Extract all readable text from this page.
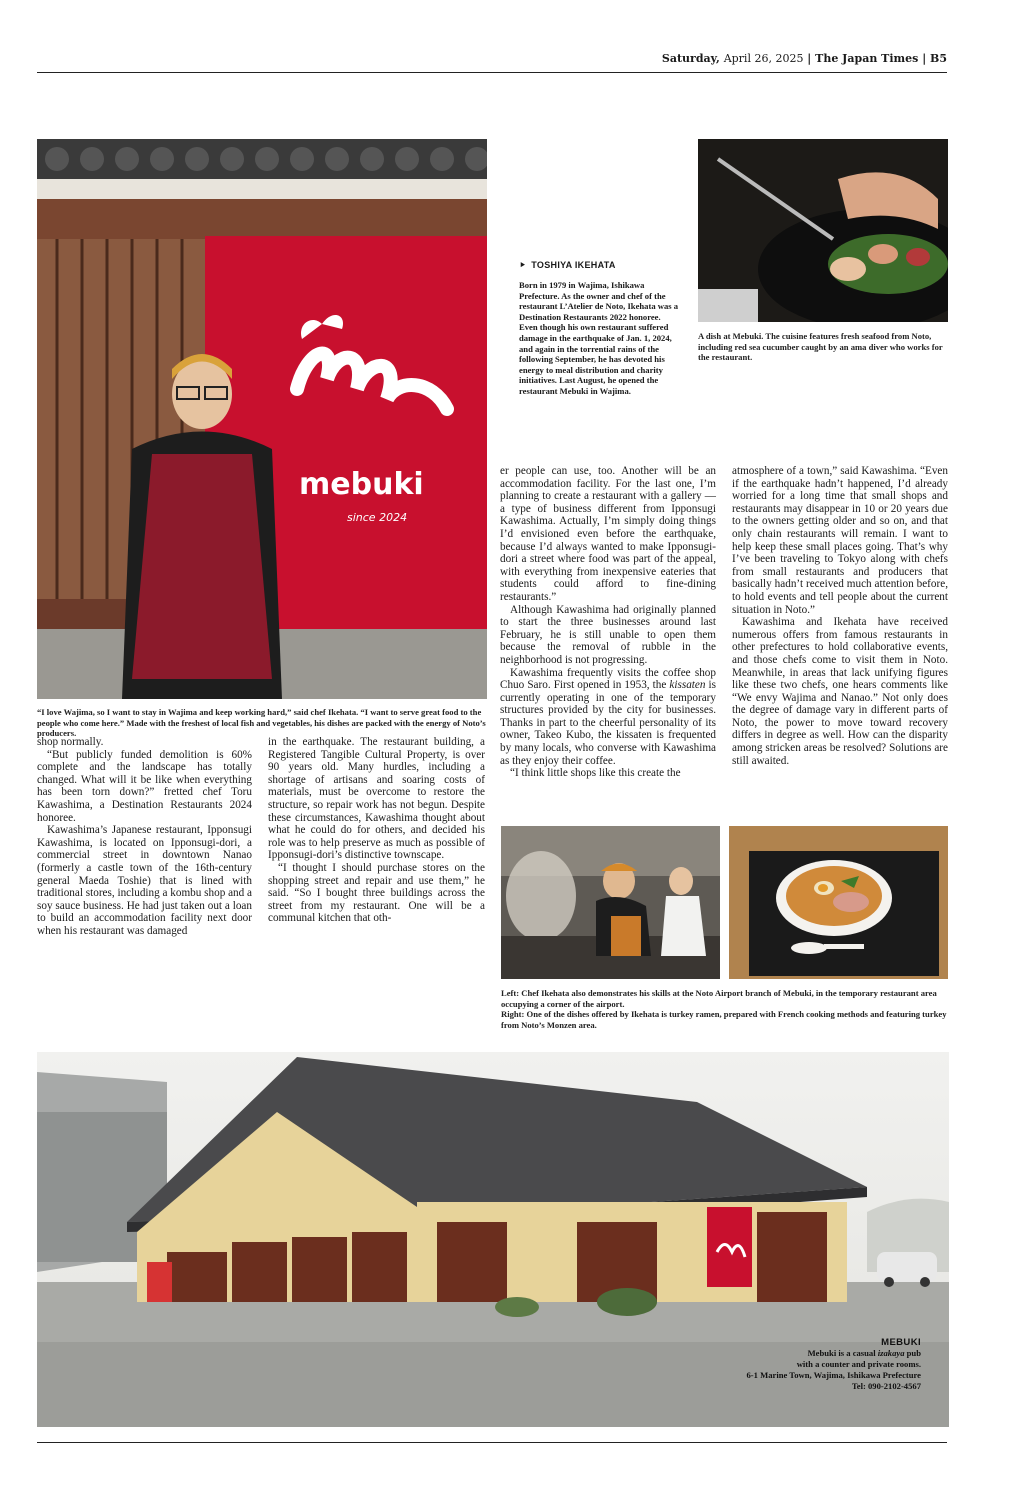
Saturday, April 26, 2025 | The Japan Times | B5
mebuki
since 2024
“I love Wajima, so I want to stay in Wajima and keep working hard,” said chef Ikehata. “I want to serve great food to the people who come here.” Made with the freshest of local fish and vegetables, his dishes are packed with the energy of Noto’s producers.
⯈ TOSHIYA IKEHATA
Born in 1979 in Wajima, Ishikawa Prefecture. As the owner and chef of the restaurant L’Atelier de Noto, Ikehata was a Destination Restaurants 2022 honoree. Even though his own restaurant suffered damage in the earthquake of Jan. 1, 2024, and again in the torrential rains of the following September, he has devoted his energy to meal distribution and charity initiatives. Last August, he opened the restaurant Mebuki in Wajima.
A dish at Mebuki. The cuisine features fresh seafood from Noto, including red sea cucumber caught by an ama diver who works for the restaurant.

shop normally.

“But publicly funded demolition is 60% complete and the landscape has totally changed. What will it be like when everything has been torn down?” fretted chef Toru Kawashima, a Destination Restaurants 2024 honoree.

Kawashima’s Japanese restaurant, Ipponsugi Kawashima, is located on Ipponsugi-dori, a commercial street in downtown Nanao (formerly a castle town of the 16th-century general Maeda Toshie) that is lined with traditional stores, including a kombu shop and a soy sauce business. He had just taken out a loan to build an accommodation facility next door when his restaurant was damaged

in the earthquake. The restaurant building, a Registered Tangible Cultural Property, is over 90 years old. Many hurdles, including a shortage of artisans and soaring costs of materials, must be overcome to restore the structure, so repair work has not begun. Despite these circumstances, Kawashima thought about what he could do for others, and decided his role was to help preserve as much as possible of Ipponsugi-dori’s distinctive townscape.

“I thought I should purchase stores on the shopping street and repair and use them,” he said. “So I bought three buildings across the street from my restaurant. One will be a communal kitchen that oth-

er people can use, too. Another will be an accommodation facility. For the last one, I’m planning to create a restaurant with a gallery — a type of business different from Ipponsugi Kawashima. Actually, I’m simply doing things I’d envisioned even before the earthquake, because I’d always wanted to make Ipponsugi-dori a street where food was part of the appeal, with everything from inexpensive eateries that students could afford to fine-dining restaurants.”

Although Kawashima had originally planned to start the three businesses around last February, he is still unable to open them because the removal of rubble in the neighborhood is not progressing.

Kawashima frequently visits the coffee shop Chuo Saro. First opened in 1953, the kissaten is currently operating in one of the temporary structures provided by the city for businesses. Thanks in part to the cheerful personality of its owner, Takeo Kubo, the kissaten is frequented by many locals, who converse with Kawashima as they enjoy their coffee.

“I think little shops like this create the

atmosphere of a town,” said Kawashima. “Even if the earthquake hadn’t happened, I’d already worried for a long time that small shops and restaurants may disappear in 10 or 20 years due to the owners getting older and so on, and that only chain restaurants will remain. I want to help keep these small places going. That’s why I’ve been traveling to Tokyo along with chefs from small restaurants and producers that basically hadn’t received much attention before, to hold events and tell people about the current situation in Noto.”

Kawashima and Ikehata have received numerous offers from famous restaurants in other prefectures to hold collaborative events, and those chefs come to visit them in Noto. Meanwhile, in areas that lack unifying figures like these two chefs, one hears comments like “We envy Wajima and Nanao.” Not only does the degree of damage vary in different parts of Noto, the power to move toward recovery differs in degree as well. How can the disparity among stricken areas be resolved? Solutions are still awaited.

Left: Chef Ikehata also demonstrates his skills at the Noto Airport branch of Mebuki, in the temporary restaurant area occupying a corner of the airport.
Right: One of the dishes offered by Ikehata is turkey ramen, prepared with French cooking methods and featuring turkey from Noto’s Monzen area.
MEBUKI
Mebuki is a casual izakaya pub
with a counter and private rooms.
6-1 Marine Town, Wajima, Ishikawa Prefecture
Tel: 090-2102-4567
